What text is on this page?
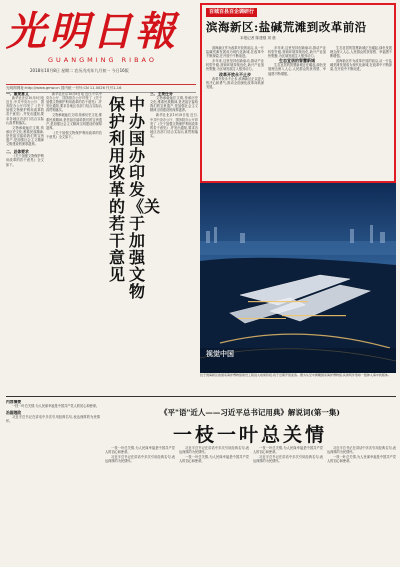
光明日報
GUANGMING RIBAO
2018年10月8日 星期二 农历戊戌年九月初一 今日16版
光明网网址:http://www.gmw.cn 国内统一刊号:CN 11-0026 代号1-16
一、重要意义

新华社北京10月8日电 近日,中共中央办公厅、国务院办公厅印发了《关于加强文物保护利用改革的若干意见》,并发出通知,要求各地区各部门结合实际认真贯彻落实。

文物承载灿烂文明,传承历史文化,维系民族精神,是老祖宗留给我们的宝贵遗产,是加强社会主义精神文明建设的深厚滋养。

二、总体要求

《关于加强文物保护利用改革的若干意见》全文如下。

新华社北京10月8日电 近日,中共中央办公厅、国务院办公厅印发了《关于加强文物保护利用改革的若干意见》,并发出通知,要求各地区各部门结合实际认真贯彻落实。

文物承载灿烂文明,传承历史文化,维系民族精神,是老祖宗留给我们的宝贵遗产,是加强社会主义精神文明建设的深厚滋养。

《关于加强文物保护利用改革的若干意见》全文如下。

保护利用改革的若干意见
中办国办印发《关于加强文物
三、主要任务

文物承载灿烂文明,传承历史文化,维系民族精神,是老祖宗留给我们的宝贵遗产,是加强社会主义精神文明建设的深厚滋养。

新华社北京10月8日电 近日,中共中央办公厅、国务院办公厅印发了《关于加强文物保护利用改革的若干意见》,并发出通知,要求各地区各部门结合实际认真贯彻落实。

百城百县百企调研行
滨海新区:盐碱荒滩到改革前沿
本报记者 陈建强 刘 晨

滨海新区作为改革开放的前沿,从一片盐碱荒滩发展成为现代化新城,在改革中不断探索,在开放中不断前进。

多年来,这里坚持创新驱动,推动产业转型升级,营商环境持续优化,新兴产业加快集聚,为区域发展注入强劲动力。

改革开放永不止步

改革开放永不止步,滨海新区正以更大的决心和勇气,推动全面深化改革向纵深发展。

多年来,这里坚持创新驱动,推动产业转型升级,营商环境持续优化,新兴产业加快集聚,为区域发展注入强劲动力。

生态宜居的智慧新城

生态宜居的智慧新城正在崛起,绿色发展理念深入人心,人民群众的获得感、幸福感不断增强。

生态宜居的智慧新城正在崛起,绿色发展理念深入人心,人民群众的获得感、幸福感不断增强。

滨海新区作为改革开放的前沿,从一片盐碱荒滩发展成为现代化新城,在改革中不断探索,在开放中不断前进。

视觉中国
位于滨海新区的国家海洋博物馆建设工程进入收尾阶段,将于近期开馆迎客。图为从空中俯瞰国家海洋博物馆,其建筑外形如一组伸入海中的船体。
内容摘要

一枝一叶总关情,为人民谋幸福是中国共产党人的初心和使命。

治国理政

习近平总书记在讲话中多次引用经典名句,表达深厚的为民情怀。

《平"语"近人——习近平总书记用典》解说词(第一集)
一枝一叶总关情

一枝一叶总关情,为人民谋幸福是中国共产党人的初心和使命。

习近平总书记在讲话中多次引用经典名句,表达深厚的为民情怀。

习近平总书记在讲话中多次引用经典名句,表达深厚的为民情怀。

一枝一叶总关情,为人民谋幸福是中国共产党人的初心和使命。

一枝一叶总关情,为人民谋幸福是中国共产党人的初心和使命。

习近平总书记在讲话中多次引用经典名句,表达深厚的为民情怀。

习近平总书记在讲话中多次引用经典名句,表达深厚的为民情怀。

一枝一叶总关情,为人民谋幸福是中国共产党人的初心和使命。
